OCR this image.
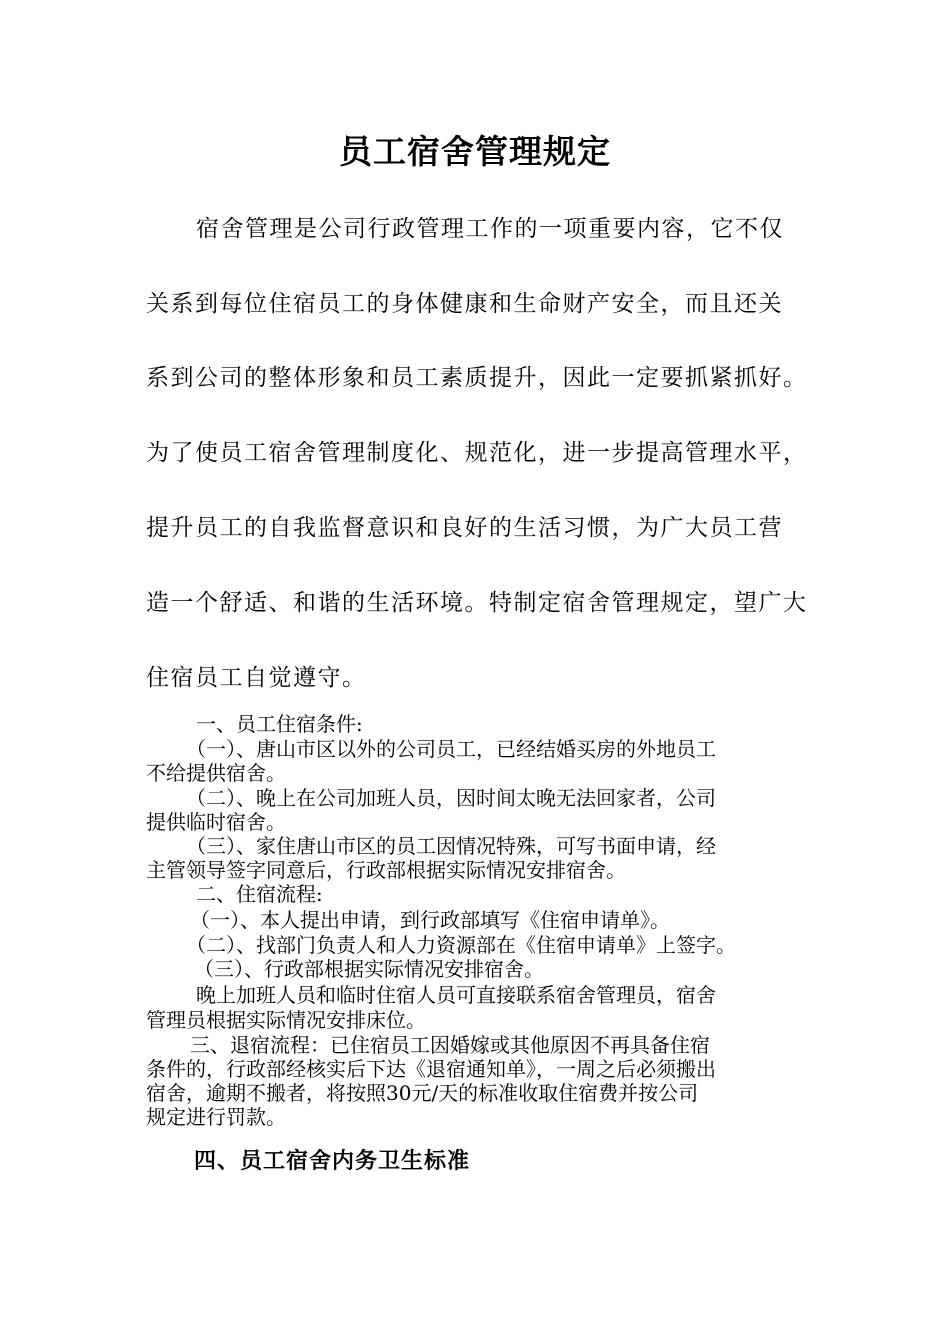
员工宿舍管理规定

宿舍管理是公司行政管理工作的一项重要内容，它不仅

关系到每位住宿员工的身体健康和生命财产安全，而且还关

系到公司的整体形象和员工素质提升，因此一定要抓紧抓好。

为了使员工宿舍管理制度化、规范化，进一步提高管理水平，

提升员工的自我监督意识和良好的生活习惯，为广大员工营

造一个舒适、和谐的生活环境。特制定宿舍管理规定，望广大

住宿员工自觉遵守。

一、员工住宿条件:

（一）、唐山市区以外的公司员工，已经结婚买房的外地员工

不给提供宿舍。

（二）、晚上在公司加班人员，因时间太晚无法回家者，公司

提供临时宿舍。

（三）、家住唐山市区的员工因情况特殊，可写书面申请，经

主管领导签字同意后，行政部根据实际情况安排宿舍。

二、住宿流程:

（一）、本人提出申请，到行政部填写《住宿申请单》。

（二）、找部门负责人和人力资源部在《住宿申请单》上签字。

（三）、行政部根据实际情况安排宿舍。

晚上加班人员和临时住宿人员可直接联系宿舍管理员，宿舍

管理员根据实际情况安排床位。

三、退宿流程：已住宿员工因婚嫁或其他原因不再具备住宿

条件的，行政部经核实后下达《退宿通知单》，一周之后必须搬出

宿舍，逾期不搬者，将按照30元/天的标准收取住宿费并按公司

规定进行罚款。

四、员工宿舍内务卫生标准
